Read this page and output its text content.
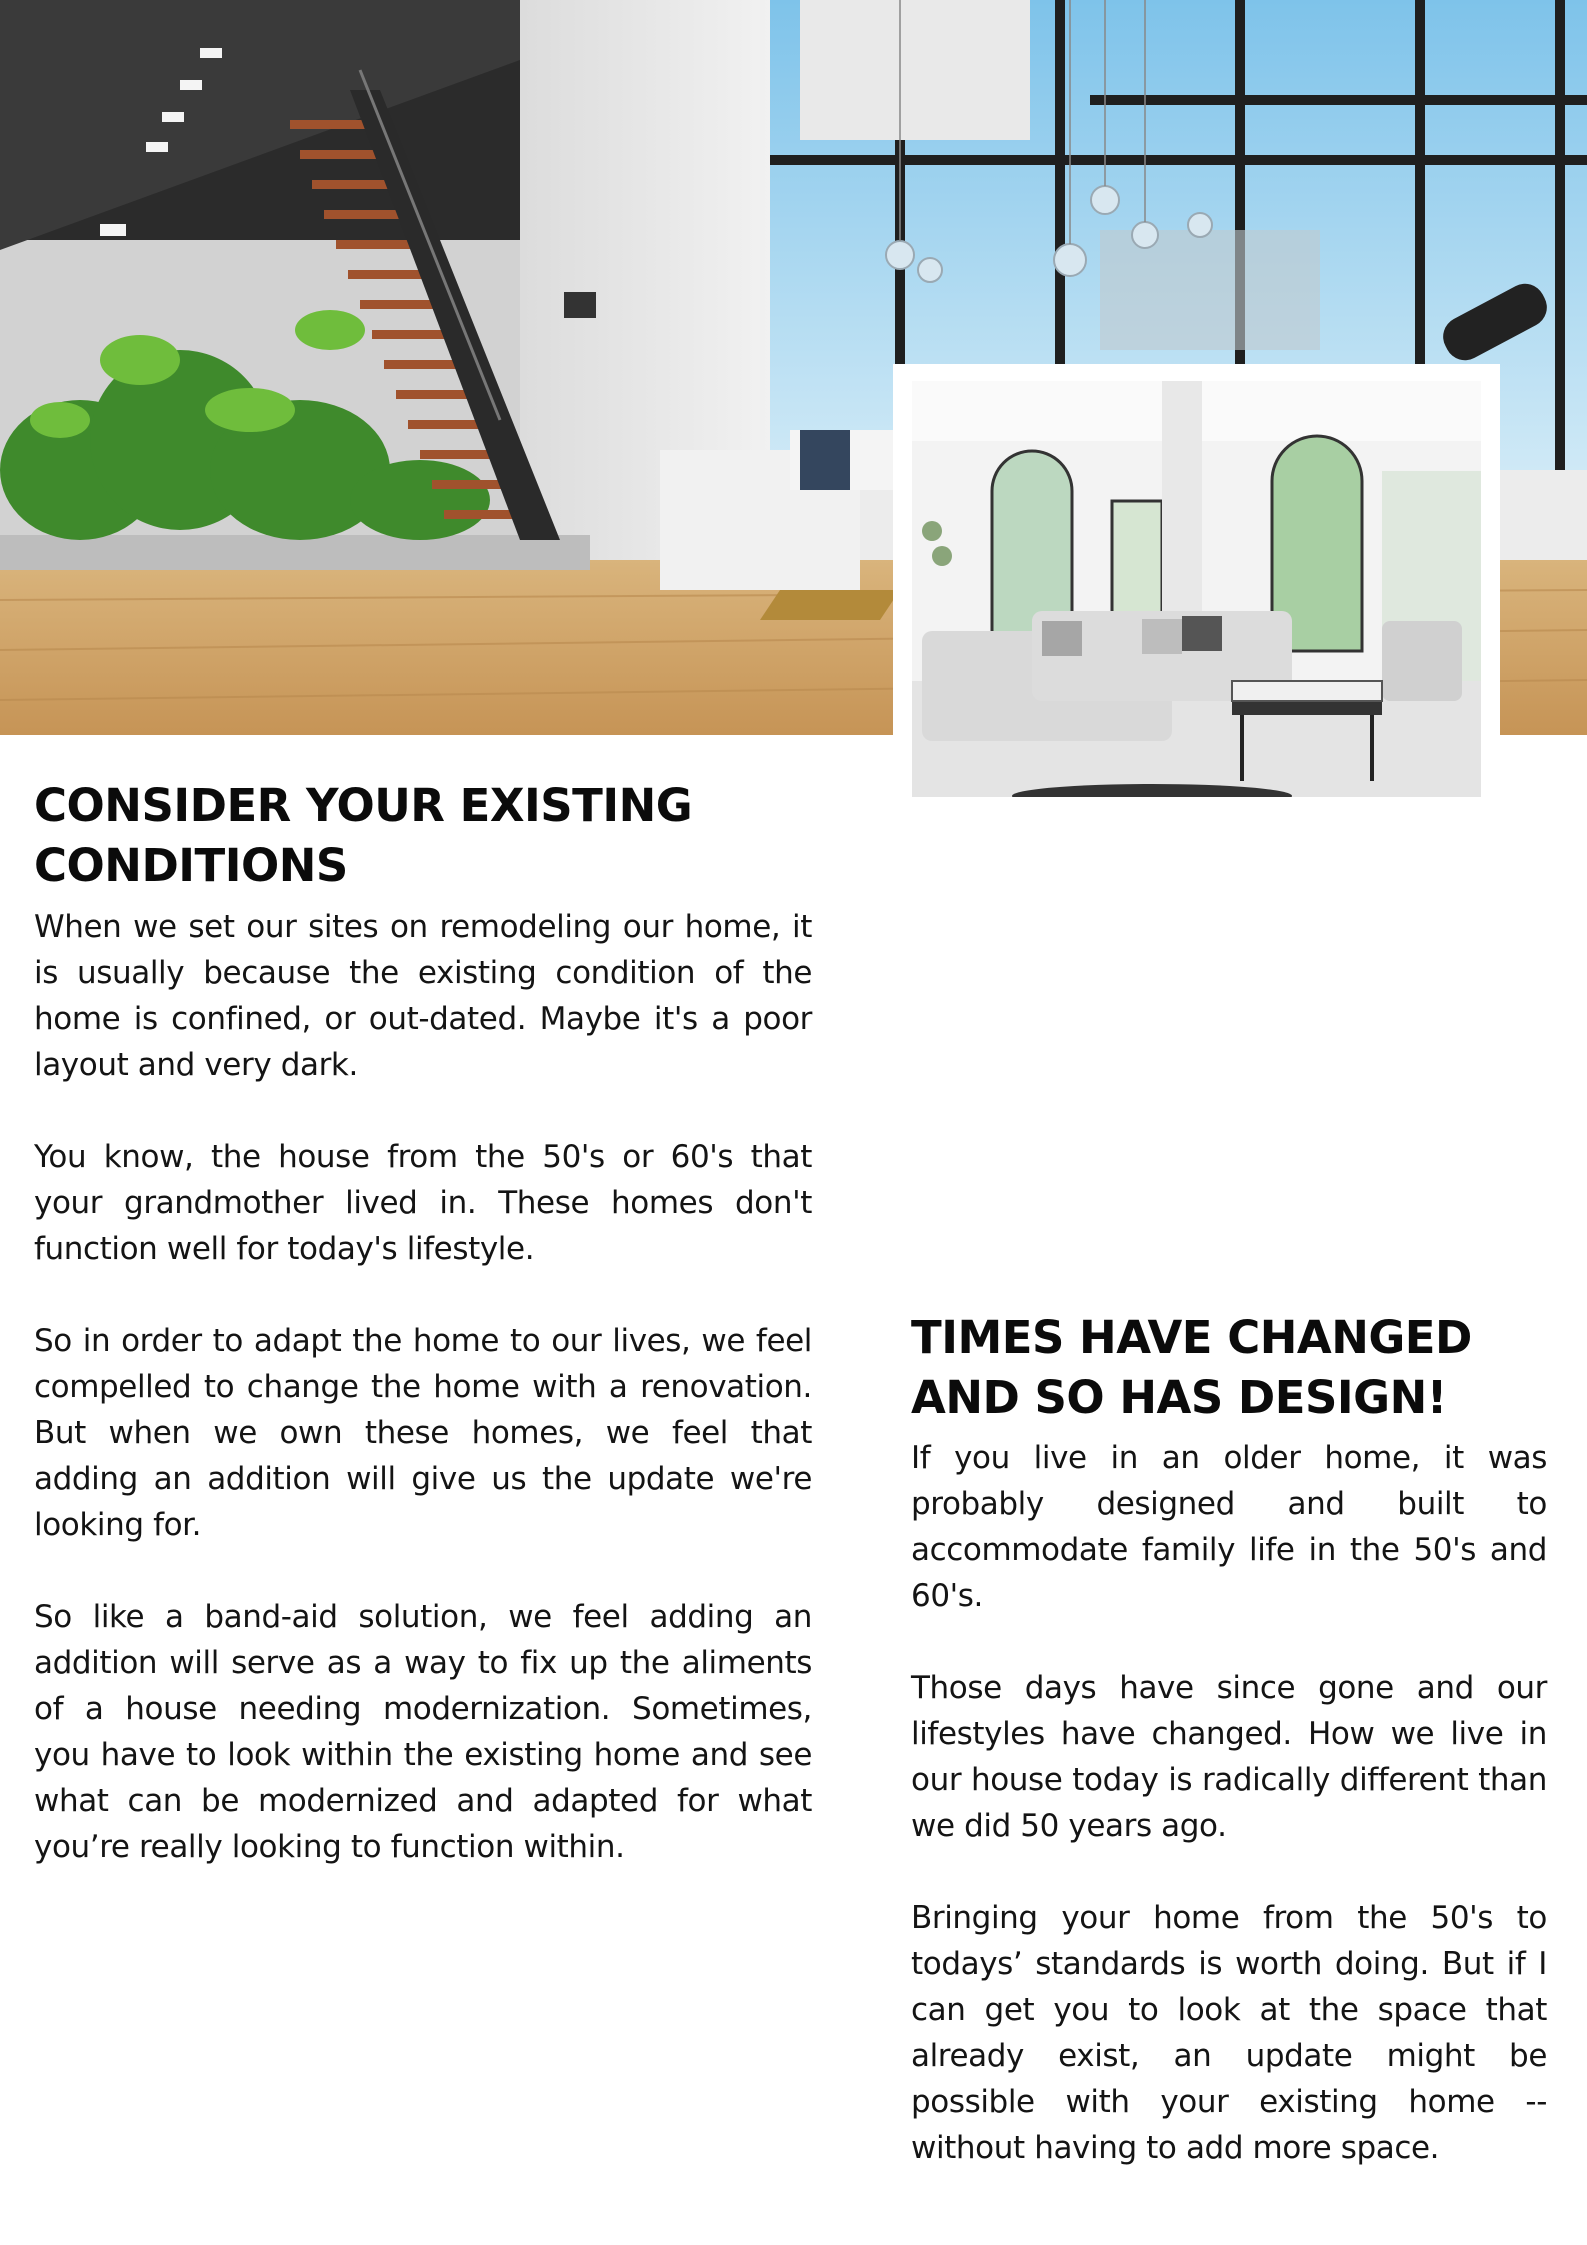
CONSIDER YOUR EXISTING CONDITIONS

When we set our sites on remodeling our home, it is usually because the existing condition of the home is confined, or out-dated. Maybe it's a poor layout and very dark.

You know, the house from the 50's or 60's that your grandmother lived in. These homes don't function well for today's lifestyle.

So in order to adapt the home to our lives, we feel compelled to change the home with a renovation. But when we own these homes, we feel that adding an addition will give us the update we're looking for.

So like a band-aid solution, we feel adding an addition will serve as a way to fix up the aliments of a house needing modernization. Sometimes, you have to look within the existing home and see what can be modernized and adapted for what you’re really looking to function within.

TIMES HAVE CHANGED AND SO HAS DESIGN!

If you live in an older home, it was probably designed and built to accommodate family life in the 50's and 60's.

Those days have since gone and our lifestyles have changed. How we live in our house today is radically different than we did 50 years ago.

Bringing your home from the 50's to todays’ standards is worth doing. But if I can get you to look at the space that already exist, an update might be possible with your existing home -- without having to add more space.
